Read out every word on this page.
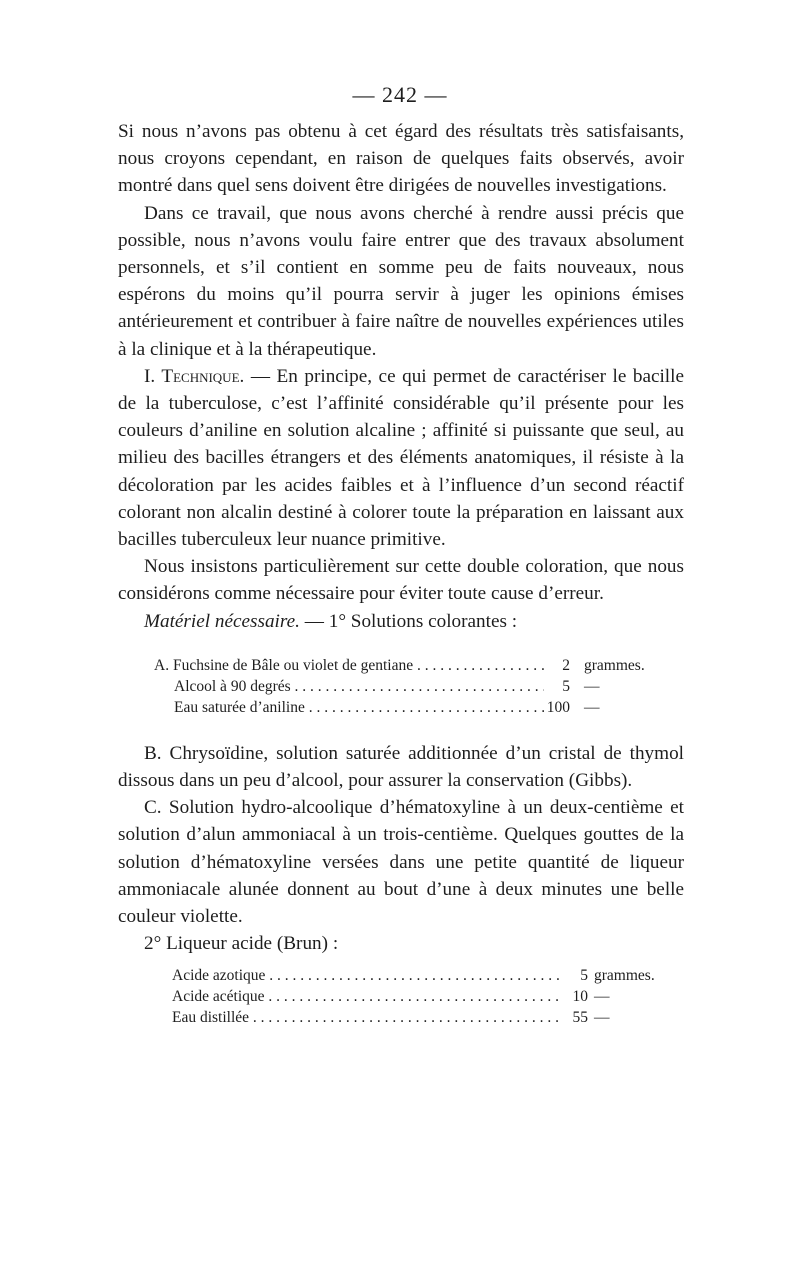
— 242 —

Si nous n’avons pas obtenu à cet égard des résultats très satisfaisants, nous croyons cependant, en raison de quelques faits observés, avoir montré dans quel sens doivent être dirigées de nouvelles investigations.

Dans ce travail, que nous avons cherché à rendre aussi précis que possible, nous n’avons voulu faire entrer que des travaux absolument personnels, et s’il contient en somme peu de faits nouveaux, nous espérons du moins qu’il pourra servir à juger les opinions émises antérieurement et contribuer à faire naître de nouvelles expériences utiles à la clinique et à la thérapeutique.

I. Technique. — En principe, ce qui permet de caractériser le bacille de la tuberculose, c’est l’affinité considérable qu’il présente pour les couleurs d’aniline en solution alcaline ; affinité si puissante que seul, au milieu des bacilles étrangers et des éléments anatomiques, il résiste à la décoloration par les acides faibles et à l’influence d’un second réactif colorant non alcalin destiné à colorer toute la préparation en laissant aux bacilles tuberculeux leur nuance primitive.

Nous insistons particulièrement sur cette double coloration, que nous considérons comme nécessaire pour éviter toute cause d’erreur.

Matériel nécessaire. — 1° Solutions colorantes :

A. Fuchsine de Bâle ou violet de gentiane . . .	2 grammes.
Alcool à 90 degrés . . .	5 —
Eau saturée d’aniline . . .	100 —

B. Chrysoïdine, solution saturée additionnée d’un cristal de thymol dissous dans un peu d’alcool, pour assurer la conservation (Gibbs).

C. Solution hydro-alcoolique d’hématoxyline à un deux-centième et solution d’alun ammoniacal à un trois-centième. Quelques gouttes de la solution d’hématoxyline versées dans une petite quantité de liqueur ammoniacale alunée donnent au bout d’une à deux minutes une belle couleur violette.

2° Liqueur acide (Brun) :

Acide azotique . . .	5 grammes.
Acide acétique . . .	10 —
Eau distillée . . .	55 —
